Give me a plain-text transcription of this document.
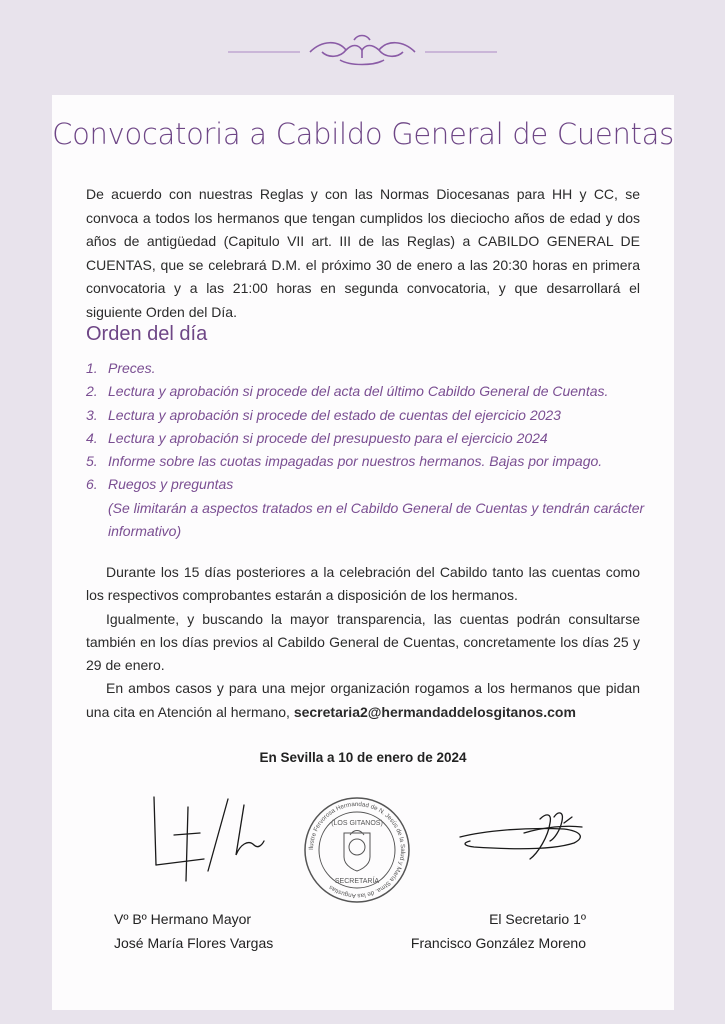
Convocatoria a Cabildo General de Cuentas
De acuerdo con nuestras Reglas y con las Normas Diocesanas para HH y CC, se convoca a todos los hermanos que tengan cumplidos los dieciocho años de edad y dos años de antigüedad (Capitulo VII art. III de las Reglas) a CABILDO GENERAL DE CUENTAS, que se celebrará D.M. el próximo 30 de enero a las 20:30 horas en primera convocatoria y a las 21:00 horas en segunda convocatoria, y que desarrollará el siguiente Orden del Día.
Orden del día
1. Preces.
2. Lectura y aprobación si procede del acta del último Cabildo General de Cuentas.
3. Lectura y aprobación si procede del estado de cuentas del ejercicio 2023
4. Lectura y aprobación si procede del presupuesto para el ejercicio 2024
5. Informe sobre las cuotas impagadas por nuestros hermanos. Bajas por impago.
6. Ruegos y preguntas
(Se limitarán a aspectos tratados en el Cabildo General de Cuentas y tendrán carácter informativo)

Durante los 15 días posteriores a la celebración del Cabildo tanto las cuentas como los respectivos comprobantes estarán a disposición de los hermanos.

Igualmente, y buscando la mayor transparencia, las cuentas podrán consultarse también en los días previos al Cabildo General de Cuentas, concretamente los días 25 y 29 de enero.

En ambos casos y para una mejor organización rogamos a los hermanos que pidan una cita en Atención al hermano, secretaria2@hermandaddelosgitanos.com

En Sevilla a 10 de enero de 2024
Ilustre Fervorosa Hermandad de N. Jesús de la Salud y María Stma. de las Angustias
(LOS GITANOS)
SECRETARÍA
Vº Bº Hermano Mayor
José María Flores Vargas
El Secretario 1º
Francisco González Moreno
